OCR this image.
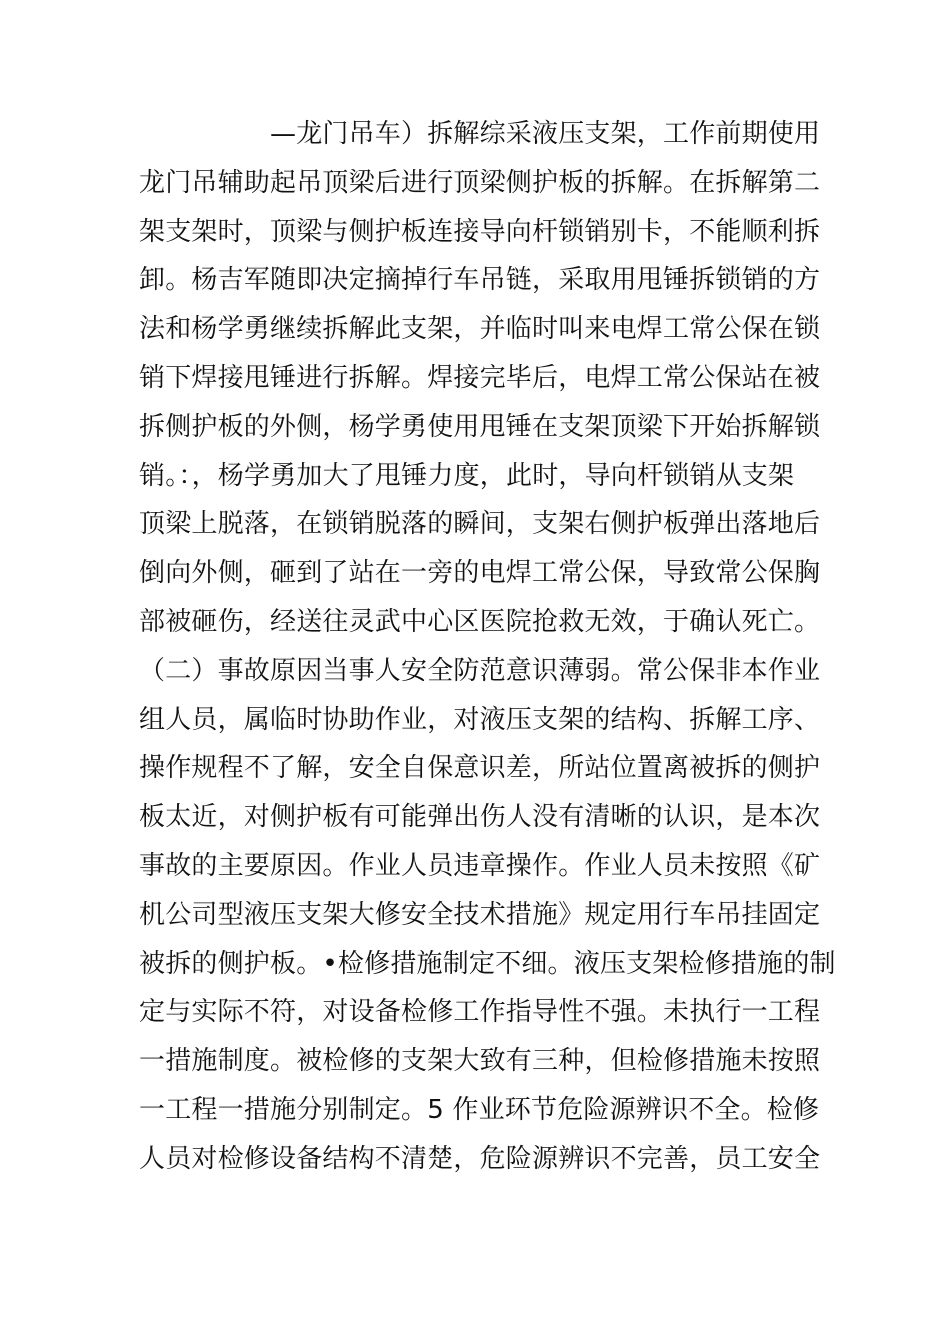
　　　　　—龙门吊车）拆解综采液压支架，工作前期使用
龙门吊辅助起吊顶梁后进行顶梁侧护板的拆解。在拆解第二
架支架时，顶梁与侧护板连接导向杆锁销别卡，不能顺利拆
卸。杨吉军随即决定摘掉行车吊链，采取用甩锤拆锁销的方
法和杨学勇继续拆解此支架，并临时叫来电焊工常公保在锁
销下焊接甩锤进行拆解。焊接完毕后，电焊工常公保站在被
拆侧护板的外侧，杨学勇使用甩锤在支架顶梁下开始拆解锁
销。：，杨学勇加大了甩锤力度，此时，导向杆锁销从支架
顶梁上脱落，在锁销脱落的瞬间，支架右侧护板弹出落地后
倒向外侧，砸到了站在一旁的电焊工常公保，导致常公保胸
部被砸伤，经送往灵武中心区医院抢救无效，于确认死亡。
（二）事故原因当事人安全防范意识薄弱。常公保非本作业
组人员，属临时协助作业，对液压支架的结构、拆解工序、
操作规程不了解，安全自保意识差，所站位置离被拆的侧护
板太近，对侧护板有可能弹出伤人没有清晰的认识，是本次
事故的主要原因。作业人员违章操作。作业人员未按照《矿
机公司型液压支架大修安全技术措施》规定用行车吊挂固定
被拆的侧护板。•检修措施制定不细。液压支架检修措施的制
定与实际不符，对设备检修工作指导性不强。未执行一工程
一措施制度。被检修的支架大致有三种，但检修措施未按照
一工程一措施分别制定。5 作业环节危险源辨识不全。检修
人员对检修设备结构不清楚，危险源辨识不完善，员工安全
